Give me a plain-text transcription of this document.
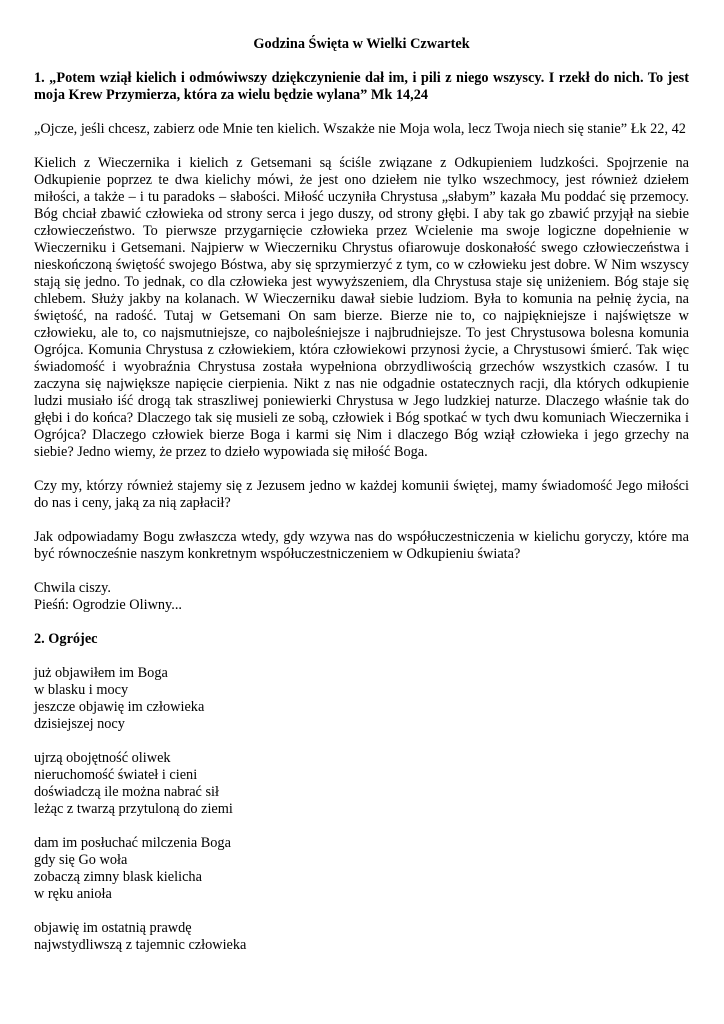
Godzina Święta w Wielki Czwartek

1. „Potem wziął kielich i odmówiwszy dziękczynienie dał im, i pili z niego wszyscy. I rzekł do nich. To jest moja Krew Przymierza, która za wielu będzie wylana” Mk 14,24

„Ojcze, jeśli chcesz, zabierz ode Mnie ten kielich. Wszakże nie Moja wola, lecz Twoja niech się stanie” Łk 22, 42

Kielich z Wieczernika i kielich z Getsemani są ściśle związane z Odkupieniem ludzkości. Spojrzenie na Odkupienie poprzez te dwa kielichy mówi, że jest ono dziełem nie tylko wszechmocy, jest również dziełem miłości, a także – i tu paradoks – słabości. Miłość uczyniła Chrystusa „słabym” kazała Mu poddać się przemocy. Bóg chciał zbawić człowieka od strony serca i jego duszy, od strony głębi. I aby tak go zbawić przyjął na siebie człowieczeństwo. To pierwsze przygarnięcie człowieka przez Wcielenie ma swoje logiczne dopełnienie w Wieczerniku i Getsemani. Najpierw w Wieczerniku Chrystus ofiarowuje doskonałość swego człowieczeństwa i nieskończoną świętość swojego Bóstwa, aby się sprzymierzyć z tym, co w człowieku jest dobre. W Nim wszyscy stają się jedno. To jednak, co dla człowieka jest wywyższeniem, dla Chrystusa staje się uniżeniem. Bóg staje się chlebem. Służy jakby na kolanach. W Wieczerniku dawał siebie ludziom. Była to komunia na pełnię życia, na świętość, na radość. Tutaj w Getsemani On sam bierze. Bierze nie to, co najpiękniejsze i najświętsze w człowieku, ale to, co najsmutniejsze, co najboleśniejsze i najbrudniejsze. To jest Chrystusowa bolesna komunia Ogrójca. Komunia Chrystusa z człowiekiem, która człowiekowi przynosi życie, a Chrystusowi śmierć. Tak więc świadomość i wyobraźnia Chrystusa została wypełniona obrzydliwością grzechów wszystkich czasów. I tu zaczyna się największe napięcie cierpienia. Nikt z nas nie odgadnie ostatecznych racji, dla których odkupienie ludzi musiało iść drogą tak straszliwej poniewierki Chrystusa w Jego ludzkiej naturze. Dlaczego właśnie tak do głębi i do końca? Dlaczego tak się musieli ze sobą, człowiek i Bóg spotkać w tych dwu komuniach Wieczernika i Ogrójca? Dlaczego człowiek bierze Boga i karmi się Nim i dlaczego Bóg wziął człowieka i jego grzechy na siebie? Jedno wiemy, że przez to dzieło wypowiada się miłość Boga.

Czy my, którzy również stajemy się z Jezusem jedno w każdej komunii świętej, mamy świadomość Jego miłości do nas i ceny, jaką za nią zapłacił?

Jak odpowiadamy Bogu zwłaszcza wtedy, gdy wzywa nas do współuczestniczenia w kielichu goryczy, które ma być równocześnie naszym konkretnym współuczestniczeniem w Odkupieniu świata?

Chwila ciszy.
Pieśń: Ogrodzie Oliwny...

2. Ogrójec

już objawiłem im Boga
w blasku i mocy
jeszcze objawię im człowieka
dzisiejszej nocy
ujrzą obojętność oliwek
nieruchomość świateł i cieni
doświadczą ile można nabrać sił
leżąc z twarzą przytuloną do ziemi
dam im posłuchać milczenia Boga
gdy się Go woła
zobaczą zimny blask kielicha
w ręku anioła
objawię im ostatnią prawdę
najwstydliwszą z tajemnic człowieka
